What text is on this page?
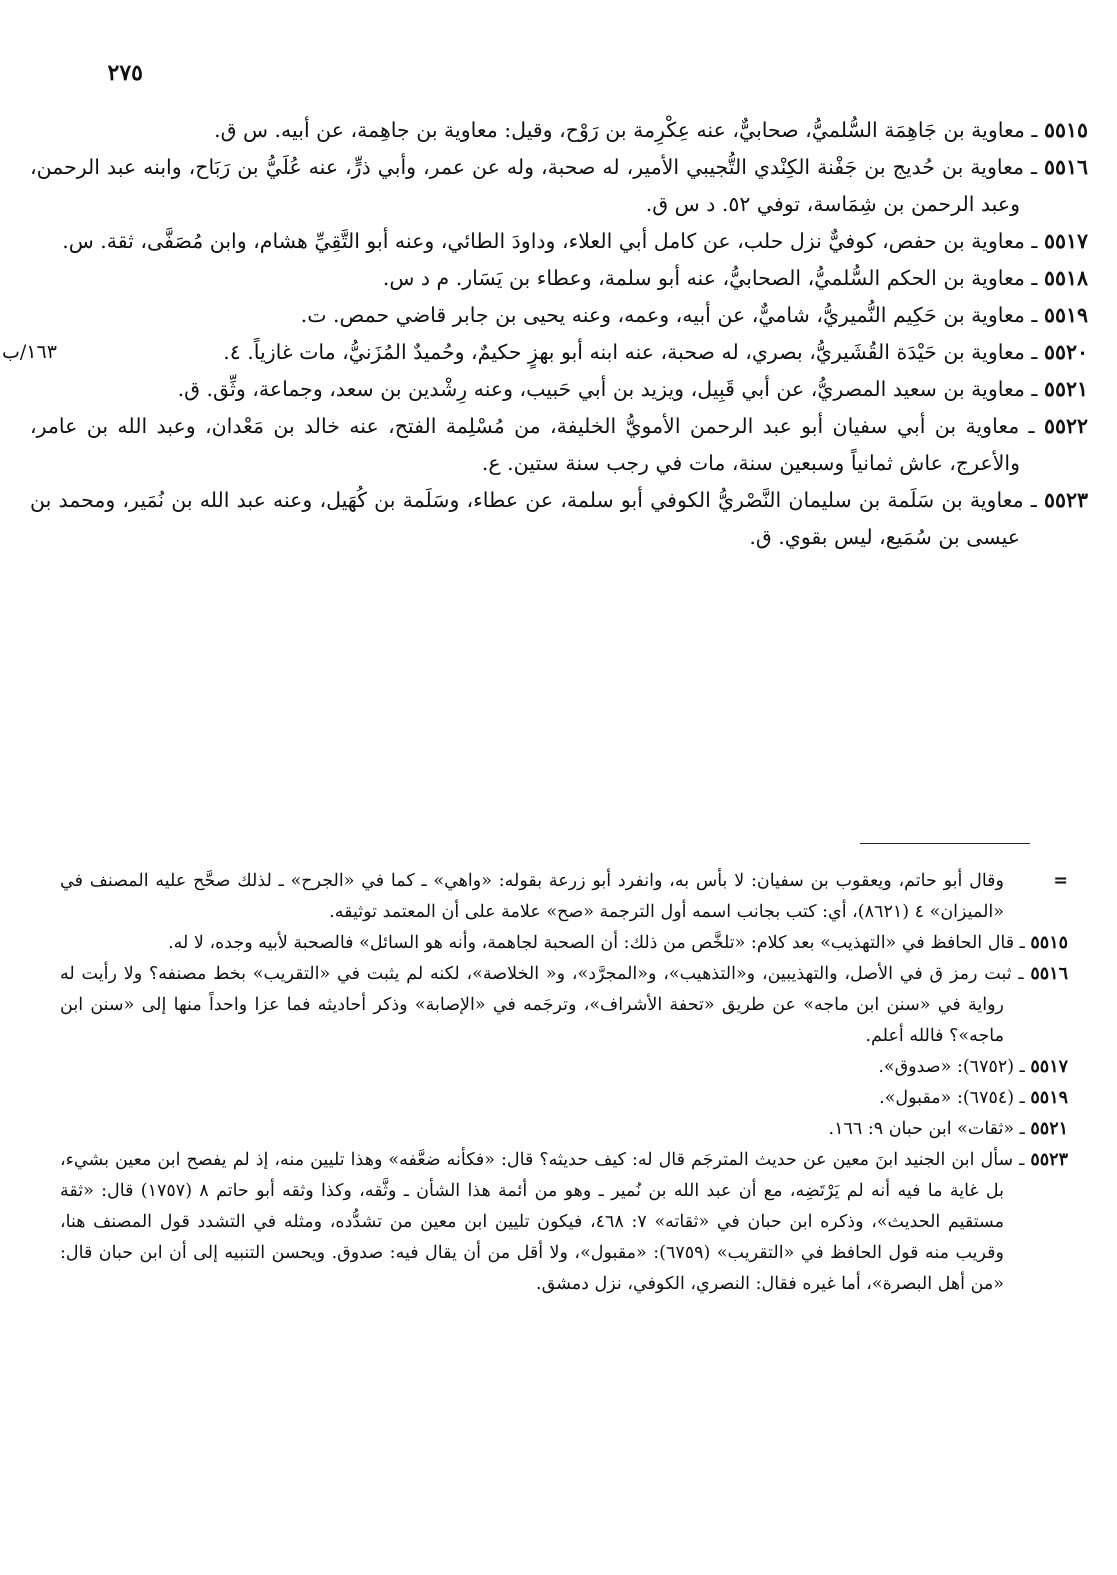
٢٧٥

٥٥١٥ ـ معاوية بن جَاهِمَة السُّلميُّ، صحابيٌّ، عنه عِكْرِمة بن رَوْح، وقيل: معاوية بن جاهِمة، عن أبيه. س ق.

٥٥١٦ ـ معاوية بن حُديج بن جَفْنة الكِنْدي التُّجيبي الأمير، له صحبة، وله عن عمر، وأبي ذرٍّ، عنه عُلَيُّ بن رَبَاح، وابنه عبد الرحمن، وعبد الرحمن بن شِمَاسة، توفي ٥٢. د س ق.

٥٥١٧ ـ معاوية بن حفص، كوفيٌّ نزل حلب، عن كامل أبي العلاء، وداودَ الطائي، وعنه أبو التَّقِيِّ هشام، وابن مُصَفَّى، ثقة. س.

٥٥١٨ ـ معاوية بن الحكم السُّلميُّ، الصحابيُّ، عنه أبو سلمة، وعطاء بن يَسَار. م د س.

٥٥١٩ ـ معاوية بن حَكِيم النُّميريُّ، شاميٌّ، عن أبيه، وعمه، وعنه يحيى بن جابر قاضي حمص. ت.

٥٥٢٠ ـ معاوية بن حَيْدَة القُشَيريُّ، بصري، له صحبة، عنه ابنه أبو بهزٍ حكيمٌ، وحُميدٌ المُزَنيُّ، مات غازياً. ٤.
١٦٣/ب

٥٥٢١ ـ معاوية بن سعيد المصريُّ، عن أبي قَبِيل، ويزيد بن أبي حَبيب، وعنه رِشْدين بن سعد، وجماعة، وثِّق. ق.

٥٥٢٢ ـ معاوية بن أبي سفيان أبو عبد الرحمن الأمويُّ الخليفة، من مُسْلِمة الفتح، عنه خالد بن مَعْدان، وعبد الله بن عامر، والأعرج، عاش ثمانياً وسبعين سنة، مات في رجب سنة ستين. ع.

٥٥٢٣ ـ معاوية بن سَلَمة بن سليمان النَّصْريُّ الكوفي أبو سلمة، عن عطاء، وسَلَمة بن كُهَيل، وعنه عبد الله بن نُمَير، ومحمد بن عيسى بن سُمَيع، ليس بقوي. ق.

=وقال أبو حاتم، ويعقوب بن سفيان: لا بأس به، وانفرد أبو زرعة بقوله: «واهي» ـ كما في «الجرح» ـ لذلك صحَّح عليه المصنف في «الميزان» ٤ (٨٦٢١)، أي: كتب بجانب اسمه أول الترجمة «صح» علامة على أن المعتمد توثيقه.

٥٥١٥ ـ قال الحافظ في «التهذيب» بعد كلام: «تلخَّص من ذلك: أن الصحبة لجاهمة، وأنه هو السائل» فالصحبة لأبيه وجده، لا له.

٥٥١٦ ـ ثبت رمز ق في الأصل، والتهذيبين، و«التذهيب»، و«المجرَّد»، و« الخلاصة»، لكنه لم يثبت في «التقريب» بخط مصنفه؟ ولا رأيت له رواية في «سنن ابن ماجه» عن طريق «تحفة الأشراف»، وترجَمه في «الإصابة» وذكر أحاديثه فما عزا واحداً منها إلى «سنن ابن ماجه»؟ فالله أعلم.

٥٥١٧ ـ (٦٧٥٢): «صدوق».

٥٥١٩ ـ (٦٧٥٤): «مقبول».

٥٥٢١ ـ «ثقات» ابن حبان ٩: ١٦٦.

٥٥٢٣ ـ سأل ابن الجنيد ابنَ معين عن حديث المترجَم قال له: كيف حديثه؟ قال: «فكأنه ضعَّفه» وهذا تليين منه، إذ لم يفصح ابن معين بشيء، بل غاية ما فيه أنه لم يَرْتَضِه، مع أن عبد الله بن نُمير ـ وهو من أئمة هذا الشأن ـ وثَّقه، وكذا وثقه أبو حاتم ٨ (١٧٥٧) قال: «ثقة مستقيم الحديث»، وذكره ابن حبان في «ثقاته» ٧: ٤٦٨، فيكون تليين ابن معين من تشدُّده، ومثله في التشدد قول المصنف هنا، وقريب منه قول الحافظ في «التقريب» (٦٧٥٩): «مقبول»، ولا أقل من أن يقال فيه: صدوق. ويحسن التنبيه إلى أن ابن حبان قال: «من أهل البصرة»، أما غيره فقال: النصري، الكوفي، نزل دمشق.
